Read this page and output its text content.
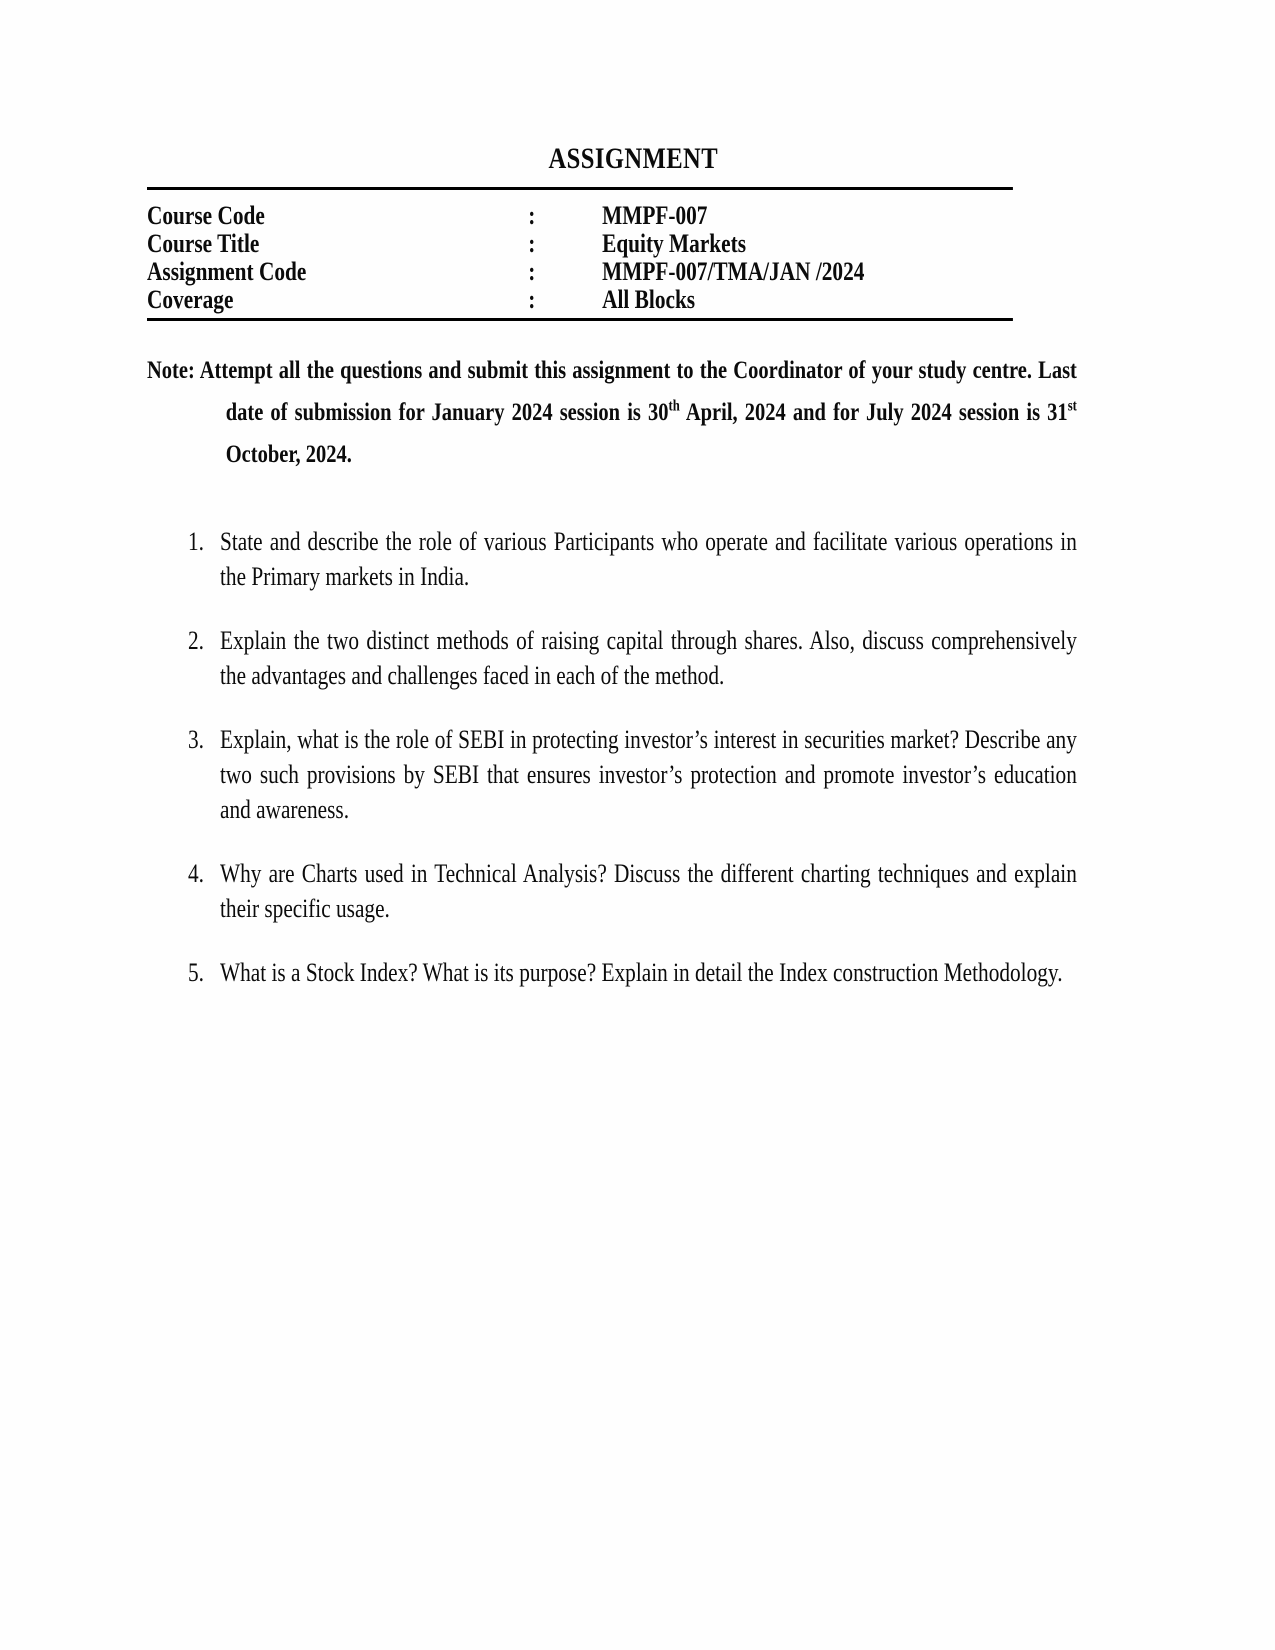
ASSIGNMENT
Course Code	:	MMPF-007
Course Title	:	Equity Markets
Assignment Code	:	MMPF-007/TMA/JAN /2024
Coverage	:	All Blocks

Note: Attempt all the questions and submit this assignment to the Coordinator of your study centre. Last date of submission for January 2024 session is 30th April, 2024 and for July 2024 session is 31st October, 2024.

1. State and describe the role of various Participants who operate and facilitate various operations in the Primary markets in India.
2. Explain the two distinct methods of raising capital through shares. Also, discuss comprehensively the advantages and challenges faced in each of the method.
3. Explain, what is the role of SEBI in protecting investor’s interest in securities market? Describe any two such provisions by SEBI that ensures investor’s protection and promote investor’s education and awareness.
4. Why are Charts used in Technical Analysis? Discuss the different charting techniques and explain their specific usage.
5. What is a Stock Index? What is its purpose? Explain in detail the Index construction Methodology.
